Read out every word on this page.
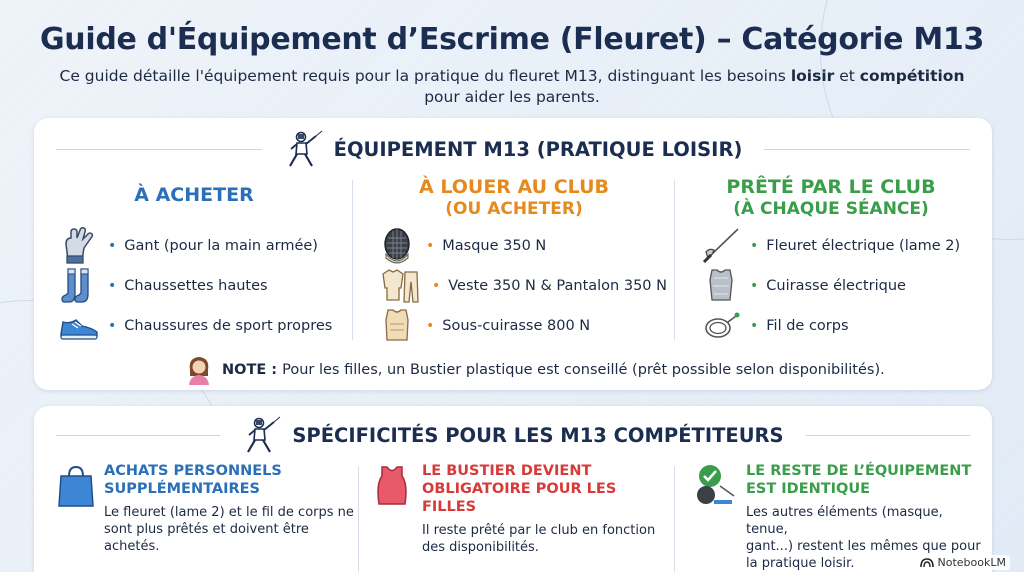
Guide d'Équipement d’Escrime (Fleuret) – Catégorie M13
Ce guide détaille l'équipement requis pour la pratique du fleuret M13, distinguant les besoins loisir et compétition pour aider les parents.
ÉQUIPEMENT M13 (PRATIQUE LOISIR)
À ACHETER
• Gant (pour la main armée)
• Chaussettes hautes
• Chaussures de sport propres
À LOUER AU CLUB
(OU ACHETER)
• Masque 350 N
• Veste 350 N & Pantalon 350 N
• Sous-cuirasse 800 N
PRÊTÉ PAR LE CLUB
(À CHAQUE SÉANCE)
• Fleuret électrique (lame 2)
• Cuirasse électrique
• Fil de corps
NOTE : Pour les filles, un Bustier plastique est conseillé (prêt possible selon disponibilités).
SPÉCIFICITÉS POUR LES M13 COMPÉTITEURS
ACHATS PERSONNELS
SUPPLÉMENTAIRES
Le fleuret (lame 2) et le fil de corps ne
sont plus prêtés et doivent être
achetés.
LE BUSTIER DEVIENT
OBLIGATOIRE POUR LES FILLES
Il reste prêté par le club en fonction
des disponibilités.
LE RESTE DE L’ÉQUIPEMENT
EST IDENTIQUE
Les autres éléments (masque, tenue,
gant...) restent les mêmes que pour
la pratique loisir.	NotebookLM
